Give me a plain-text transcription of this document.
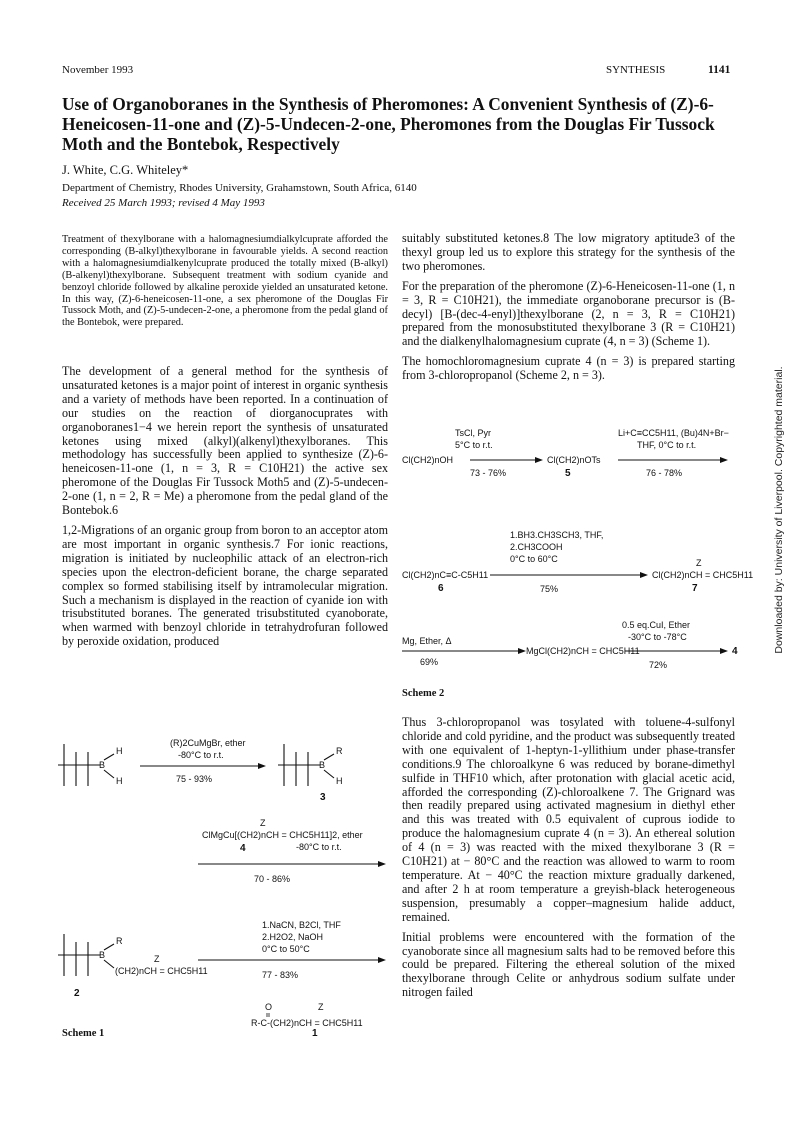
November 1993	SYNTHESIS	1141
Use of Organoboranes in the Synthesis of Pheromones: A Convenient Synthesis of (Z)-6-Heneicosen-11-one and (Z)-5-Undecen-2-one, Pheromones from the Douglas Fir Tussock Moth and the Bontebok, Respectively
J. White, C.G. Whiteley*
Department of Chemistry, Rhodes University, Grahamstown, South Africa, 6140
Received 25 March 1993; revised 4 May 1993
Treatment of thexylborane with a halomagnesiumdialkylcuprate afforded the corresponding (B-alkyl)thexylborane in favourable yields. A second reaction with a halomagnesiumdialkenylcuprate produced the totally mixed (B-alkyl)(B-alkenyl)thexylborane. Subsequent treatment with sodium cyanide and benzoyl chloride followed by alkaline peroxide yielded an unsaturated ketone. In this way, (Z)-6-heneicosen-11-one, a sex pheromone of the Douglas Fir Tussock Moth, and (Z)-5-undecen-2-one, a pheromone from the pedal gland of the Bontebok, were prepared.

The development of a general method for the synthesis of unsaturated ketones is a major point of interest in organic synthesis and a variety of methods have been reported. In a continuation of our studies on the reaction of diorganocuprates with organoboranes1−4 we herein report the synthesis of unsaturated ketones using mixed (alkyl)(alkenyl)thexylboranes. This methodology has successfully been applied to synthesize (Z)-6-heneicosen-11-one (1, n = 3, R = C10H21) the active sex pheromone of the Douglas Fir Tussock Moth5 and (Z)-5-undecen-2-one (1, n = 2, R = Me) a pheromone from the pedal gland of the Bontebok.6

1,2-Migrations of an organic group from boron to an acceptor atom are most important in organic synthesis.7 For ionic reactions, migration is initiated by nucleophilic attack of an electron-rich species upon the electron-deficient borane, the charge separated complex so formed stabilising itself by intramolecular migration. Such a mechanism is displayed in the reaction of cyanide ion with trisubstituted boranes. The generated trisubstituted cyanoborate, when warmed with benzoyl chloride in tetrahydrofuran followed by peroxide oxidation, produced

suitably substituted ketones.8 The low migratory aptitude3 of the thexyl group led us to explore this strategy for the synthesis of the two pheromones.

For the preparation of the pheromone (Z)-6-Heneicosen-11-one (1, n = 3, R = C10H21), the immediate organoborane precursor is (B-decyl) [B-(dec-4-enyl)]thexylborane (2, n = 3, R = C10H21) prepared from the monosubstituted thexylborane 3 (R = C10H21) and the dialkenylhalomagnesium cuprate (4, n = 3) (Scheme 1).

The homochloromagnesium cuprate 4 (n = 3) is prepared starting from 3-chloropropanol (Scheme 2, n = 3).

Thus 3-chloropropanol was tosylated with toluene-4-sulfonyl chloride and cold pyridine, and the product was subsequently treated with one equivalent of 1-heptyn-1-yllithium under phase-transfer conditions.9 The chloroalkyne 6 was reduced by borane-dimethyl sulfide in THF10 which, after protonation with glacial acetic acid, afforded the corresponding (Z)-chloroalkene 7. The Grignard was then readily prepared using activated magnesium in diethyl ether and this was treated with 0.5 equivalent of cuprous iodide to produce the halomagnesium cuprate 4 (n = 3). An ethereal solution of 4 (n = 3) was reacted with the mixed thexylborane 3 (R = C10H21) at − 80°C and the reaction was allowed to warm to room temperature. At − 40°C the reaction mixture gradually darkened, and after 2 h at room temperature a greyish-black heterogeneous suspension, presumably a copper–magnesium halide adduct, remained.

Initial problems were encountered with the formation of the cyanoborate since all magnesium salts had to be removed before this could be prepared. Filtering the ethereal solution of the mixed thexylborane through Celite or anhydrous sodium sulfate under nitrogen failed

Downloaded by: University of Liverpool. Copyrighted material.
TsCl, Pyr
5°C to r.t.
Cl(CH2)nOH
73 - 76%
Cl(CH2)nOTs
5
Li+C≡CC5H11, (Bu)4N+Br−
THF, 0°C to r.t.
76 - 78%
1.BH3.CH3SCH3, THF,
2.CH3COOH
0°C to 60°C
Cl(CH2)nC≡C-C5H11
6	75%
Z
Cl(CH2)nCH = CHC5H11
7
0.5 eq.CuI, Ether
-30°C to -78°C
Mg, Ether, Δ
69%
MgCl(CH2)nCH = CHC5H11	4
72%
Scheme 2
B
H
H
(R)2CuMgBr, ether
-80°C to r.t.
75 - 93%
B
R
H
3
Z
ClMgCu[(CH2)nCH = CHC5H11]2, ether
4	-80°C to r.t.
70 - 86%
B
R
Z
(CH2)nCH = CHC5H11
2
1.NaCN, B2Cl, THF
2.H2O2, NaOH
0°C to 50°C
77 - 83%
O	Z
R-C-(CH2)nCH = CHC5H11
Scheme 1	1
